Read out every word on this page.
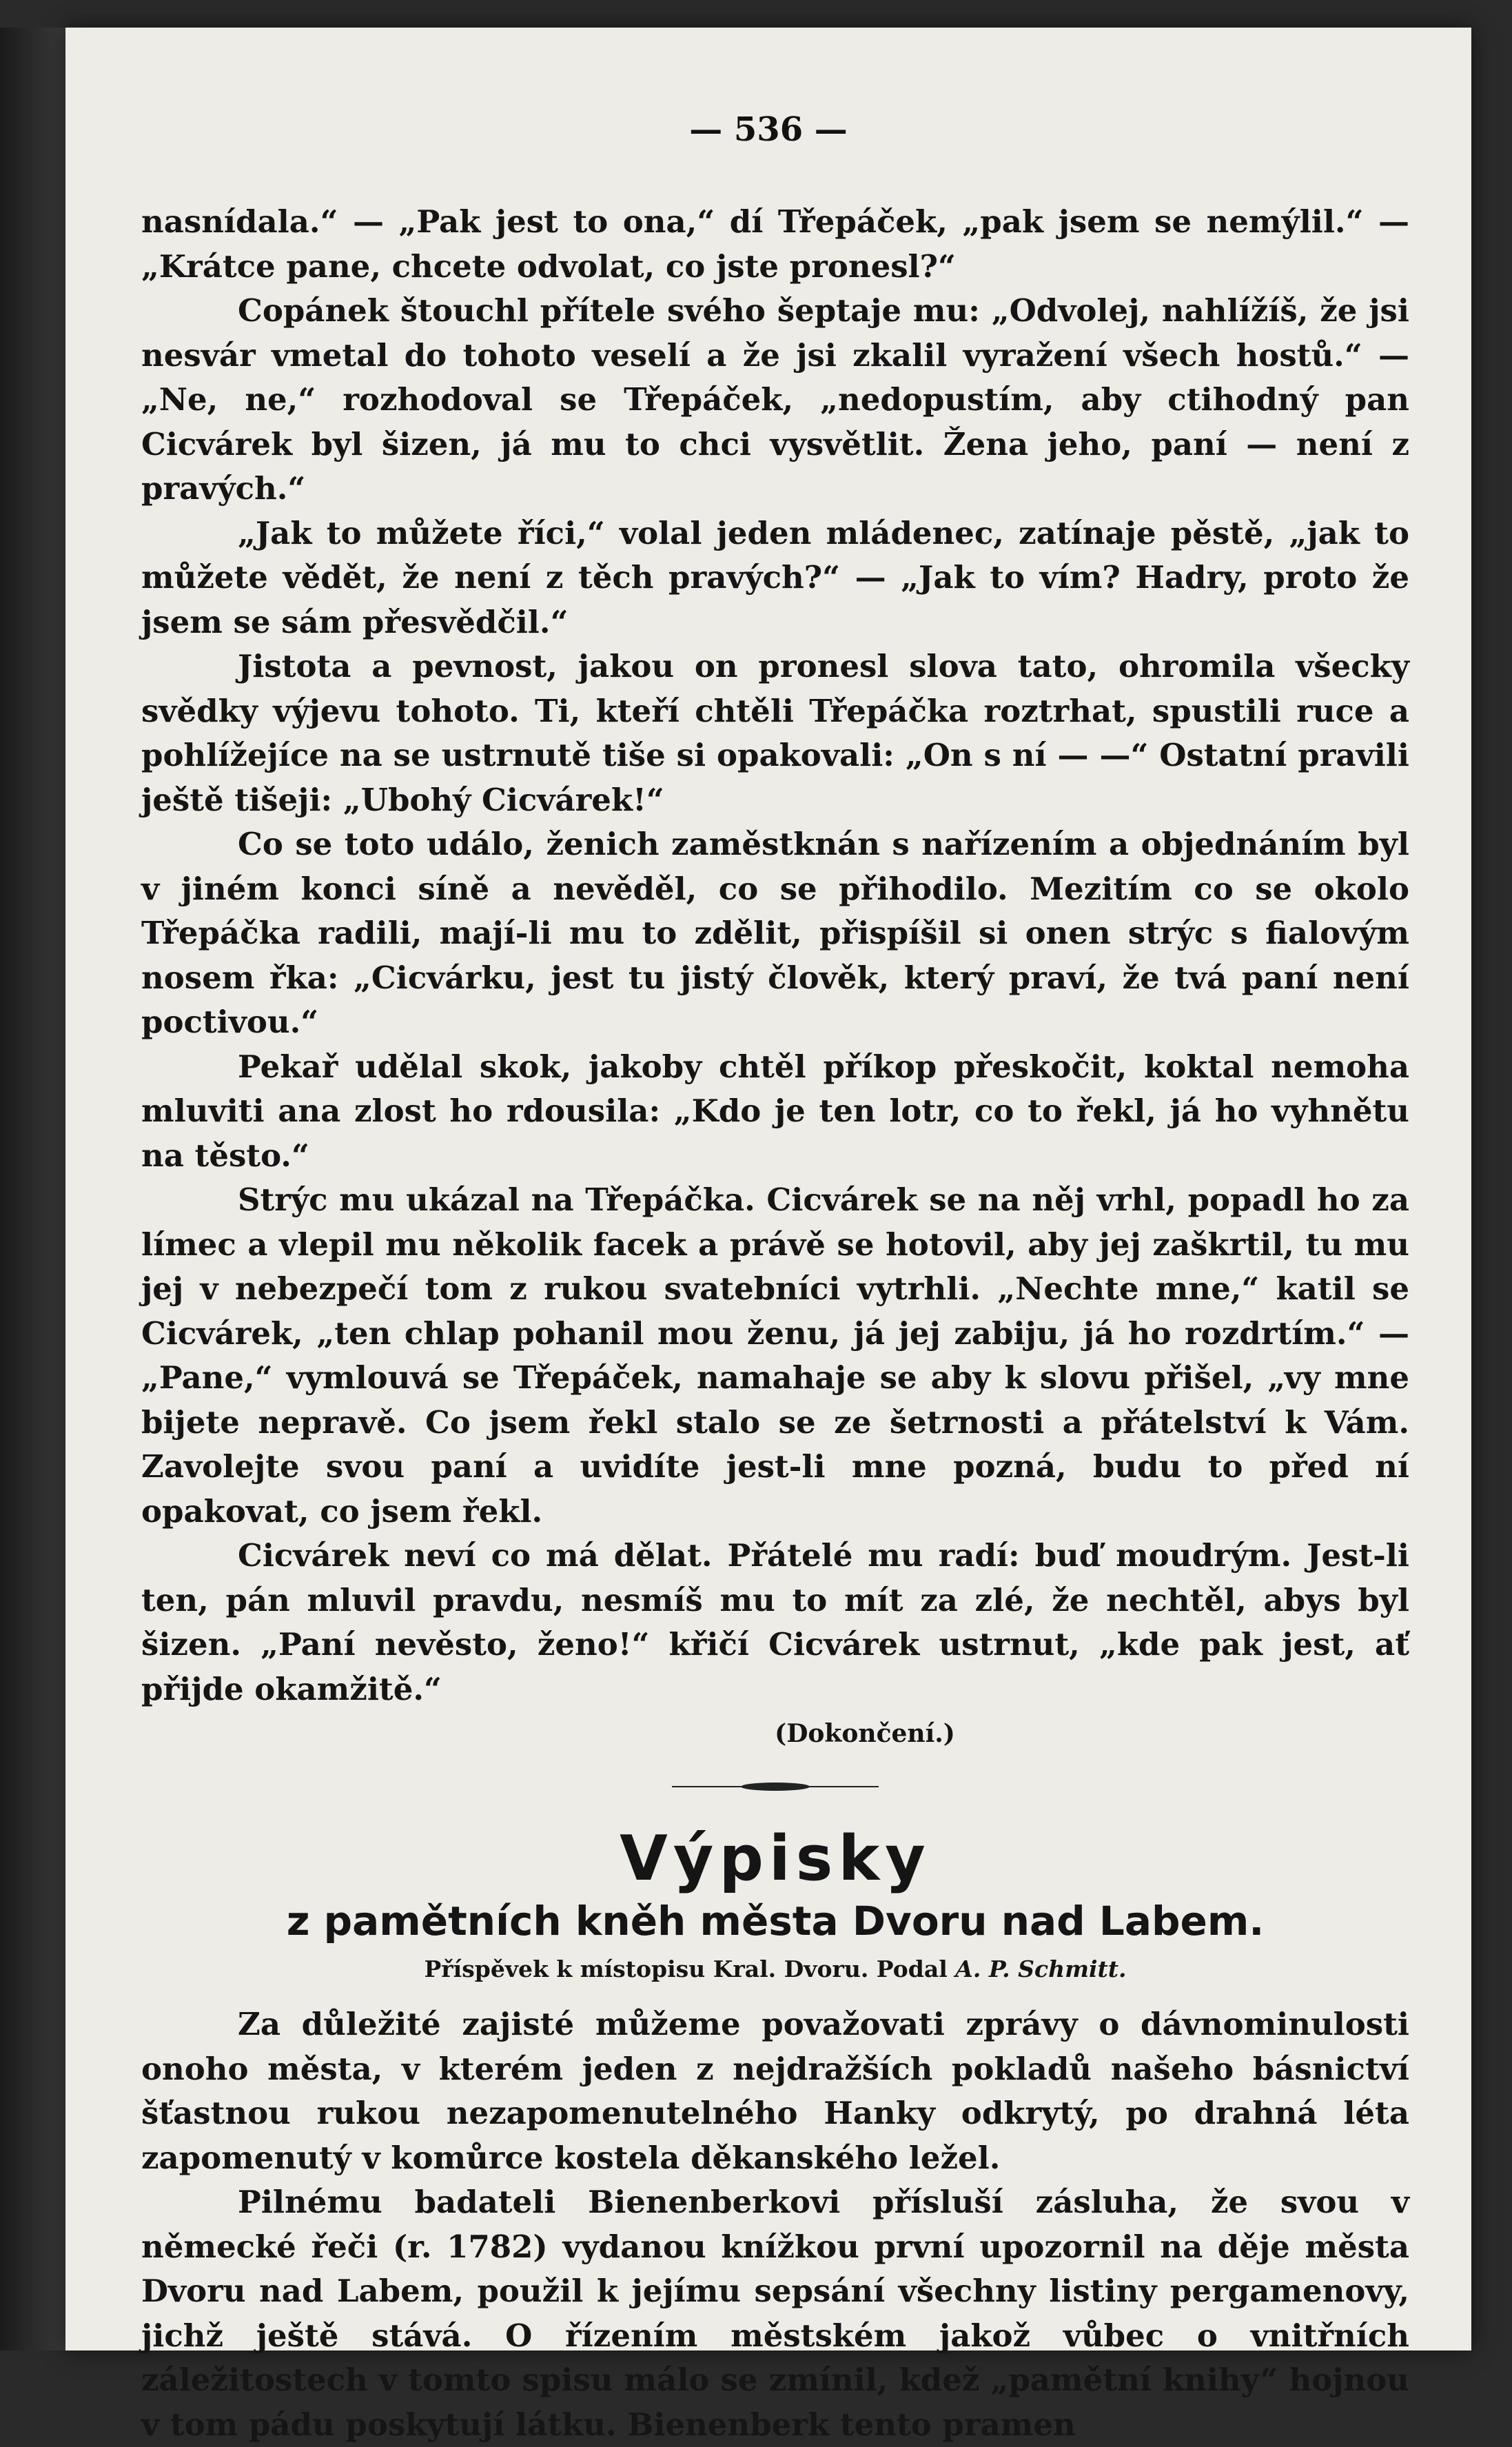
— 536 —

nasnídala.“ — „Pak jest to ona,“ dí Třepáček, „pak jsem se nemýlil.“ — „Krátce pane, chcete odvolat, co jste pronesl?“

Copánek štouchl přítele svého šeptaje mu: „Odvolej, nahlížíš, že jsi nesvár vmetal do tohoto veselí a že jsi zkalil vyražení všech hostů.“ — „Ne, ne,“ rozhodoval se Třepáček, „nedopustím, aby ctihodný pan Cicvárek byl šizen, já mu to chci vysvětlit. Žena jeho, paní — není z pravých.“

„Jak to můžete říci,“ volal jeden mládenec, zatínaje pěstě, „jak to můžete vědět, že není z těch pravých?“ — „Jak to vím? Hadry, proto že jsem se sám přesvědčil.“

Jistota a pevnost, jakou on pronesl slova tato, ohromila všecky svědky výjevu tohoto. Ti, kteří chtěli Třepáčka roztrhat, spustili ruce a pohlížejíce na se ustrnutě tiše si opakovali: „On s ní — —“ Ostatní pravili ještě tišeji: „Ubohý Cicvárek!“

Co se toto událo, ženich zaměstknán s nařízením a objednáním byl v jiném konci síně a nevěděl, co se přihodilo. Mezitím co se okolo Třepáčka radili, mají-li mu to zdělit, přispíšil si onen strýc s fialovým nosem řka: „Cicvárku, jest tu jistý člověk, který praví, že tvá paní není poctivou.“

Pekař udělal skok, jakoby chtěl příkop přeskočit, koktal nemoha mluviti ana zlost ho rdousila: „Kdo je ten lotr, co to řekl, já ho vyhnětu na těsto.“

Strýc mu ukázal na Třepáčka. Cicvárek se na něj vrhl, popadl ho za límec a vlepil mu několik facek a právě se hotovil, aby jej zaškrtil, tu mu jej v nebezpečí tom z rukou svatebníci vytrhli. „Nechte mne,“ katil se Cicvárek, „ten chlap pohanil mou ženu, já jej zabiju, já ho rozdrtím.“ — „Pane,“ vymlouvá se Třepáček, namahaje se aby k slovu přišel, „vy mne bijete nepravě. Co jsem řekl stalo se ze šetrnosti a přátelství k Vám. Zavolejte svou paní a uvidíte jest-li mne pozná, budu to před ní opakovat, co jsem řekl.

Cicvárek neví co má dělat. Přátelé mu radí: buď moudrým. Jest-li ten, pán mluvil pravdu, nesmíš mu to mít za zlé, že nechtěl, abys byl šizen. „Paní nevěsto, ženo!“ křičí Cicvárek ustrnut, „kde pak jest, ať přijde okamžitě.“

(Dokončení.)
Výpisky
z pamětních kněh města Dvoru nad Labem.
Příspěvek k místopisu Kral. Dvoru. Podal A. P. Schmitt.

Za důležité zajisté můžeme považovati zprávy o dávnominulosti onoho města, v kterém jeden z nejdražších pokladů našeho básnictví šťastnou rukou nezapomenutelného Hanky odkrytý, po drahná léta zapomenutý v komůrce kostela děkanského ležel.

Pilnému badateli Bienenberkovi přísluší zásluha, že svou v německé řeči (r. 1782) vydanou knížkou první upozornil na děje města Dvoru nad Labem, použil k jejímu sepsání všechny listiny pergamenovy, jichž ještě stává. O řízením městském jakož vůbec o vnitřních záležitostech v tomto spisu málo se zmínil, kdež „pamětní knihy“ hojnou v tom pádu poskytují látku. Bienenberk tento pramen
